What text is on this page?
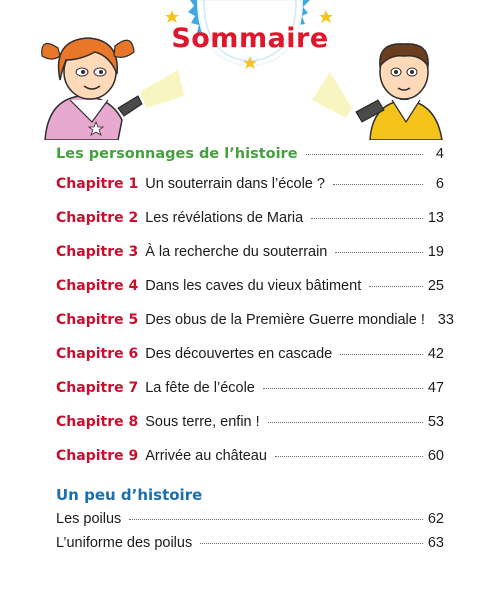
Sommaire
Les personnages de l’histoire	4
Chapitre 1 Un souterrain dans l’école ?	6
Chapitre 2 Les révélations de Maria	13
Chapitre 3 À la recherche du souterrain	19
Chapitre 4 Dans les caves du vieux bâtiment	25
Chapitre 5 Des obus de la Première Guerre mondiale ! 33
Chapitre 6 Des découvertes en cascade	42
Chapitre 7 La fête de l’école	47
Chapitre 8 Sous terre, enfin !	53
Chapitre 9 Arrivée au château	60
Un peu d’histoire
Les poilus	62
L’uniforme des poilus	63
